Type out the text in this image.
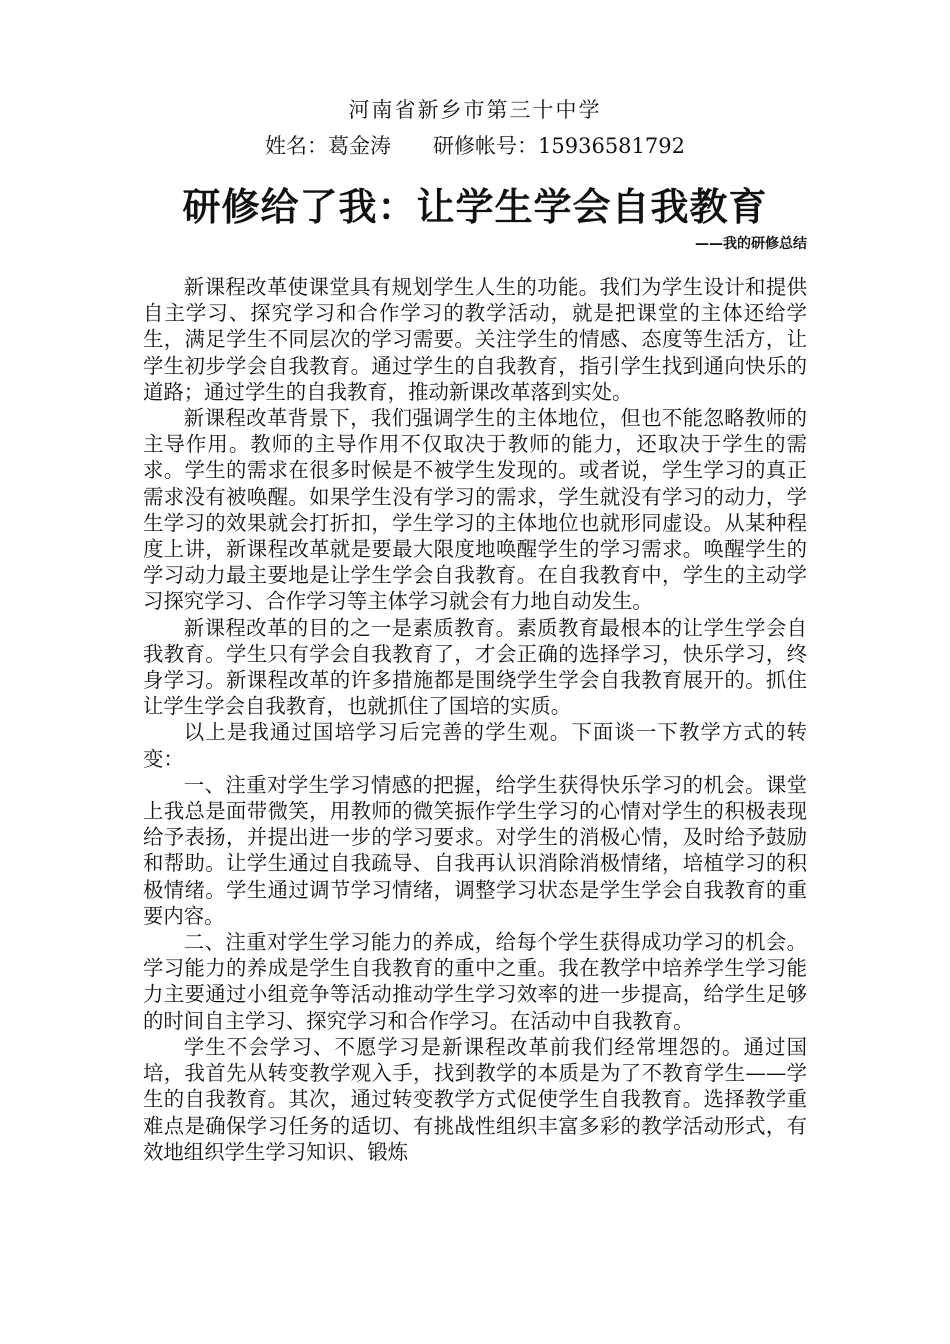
河南省新乡市第三十中学
姓名：葛金涛　　研修帐号：15936581792
研修给了我：让学生学会自我教育
——我的研修总结

新课程改革使课堂具有规划学生人生的功能。我们为学生设计和提供自主学习、探究学习和合作学习的教学活动，就是把课堂的主体还给学生，满足学生不同层次的学习需要。关注学生的情感、态度等生活方，让学生初步学会自我教育。通过学生的自我教育，指引学生找到通向快乐的道路；通过学生的自我教育，推动新课改革落到实处。

新课程改革背景下，我们强调学生的主体地位，但也不能忽略教师的主导作用。教师的主导作用不仅取决于教师的能力，还取决于学生的需求。学生的需求在很多时候是不被学生发现的。或者说，学生学习的真正需求没有被唤醒。如果学生没有学习的需求，学生就没有学习的动力，学生学习的效果就会打折扣，学生学习的主体地位也就形同虚设。从某种程度上讲，新课程改革就是要最大限度地唤醒学生的学习需求。唤醒学生的学习动力最主要地是让学生学会自我教育。在自我教育中，学生的主动学习探究学习、合作学习等主体学习就会有力地自动发生。

新课程改革的目的之一是素质教育。素质教育最根本的让学生学会自我教育。学生只有学会自我教育了，才会正确的选择学习，快乐学习，终身学习。新课程改革的许多措施都是围绕学生学会自我教育展开的。抓住让学生学会自我教育，也就抓住了国培的实质。

以上是我通过国培学习后完善的学生观。下面谈一下教学方式的转变：

一、注重对学生学习情感的把握，给学生获得快乐学习的机会。课堂上我总是面带微笑，用教师的微笑振作学生学习的心情对学生的积极表现给予表扬，并提出进一步的学习要求。对学生的消极心情，及时给予鼓励和帮助。让学生通过自我疏导、自我再认识消除消极情绪，培植学习的积极情绪。学生通过调节学习情绪，调整学习状态是学生学会自我教育的重要内容。

二、注重对学生学习能力的养成，给每个学生获得成功学习的机会。学习能力的养成是学生自我教育的重中之重。我在教学中培养学生学习能力主要通过小组竞争等活动推动学生学习效率的进一步提高，给学生足够的时间自主学习、探究学习和合作学习。在活动中自我教育。

学生不会学习、不愿学习是新课程改革前我们经常埋怨的。通过国培，我首先从转变教学观入手，找到教学的本质是为了不教育学生——学生的自我教育。其次，通过转变教学方式促使学生自我教育。选择教学重难点是确保学习任务的适切、有挑战性组织丰富多彩的教学活动形式，有效地组织学生学习知识、锻炼
